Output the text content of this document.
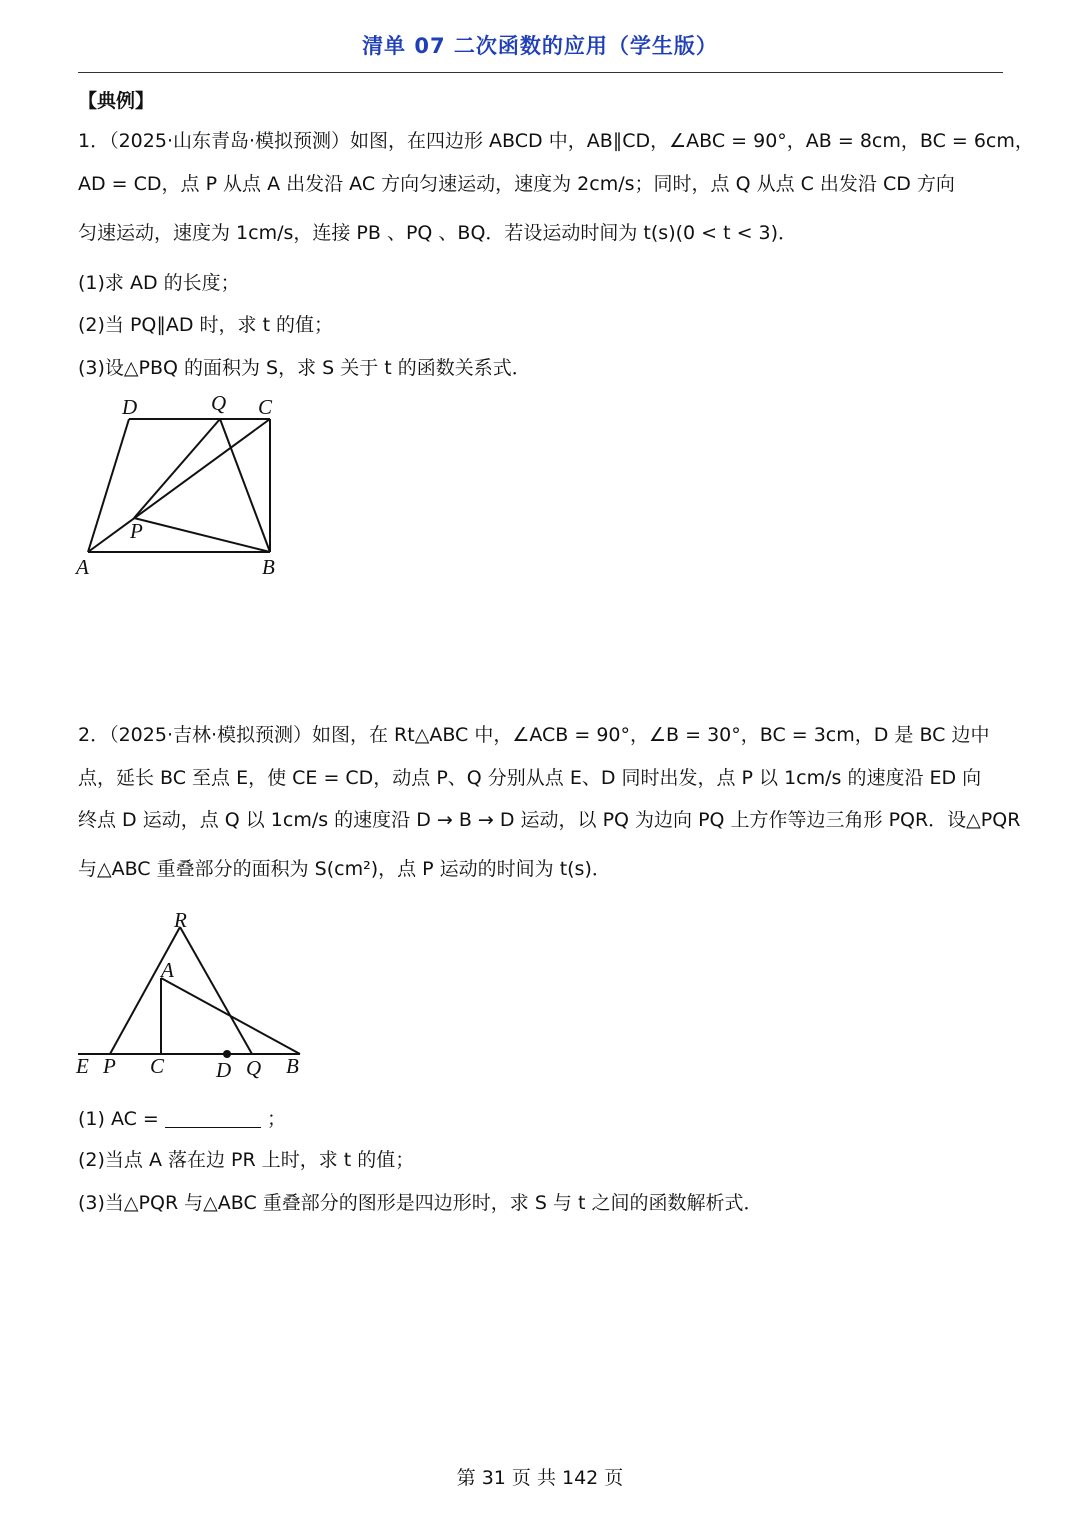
清单 07 二次函数的应用（学生版）
【典例】
1．（2025·山东青岛·模拟预测）如图，在四边形 ABCD 中，AB∥CD，∠ABC = 90°，AB = 8cm，BC = 6cm，
AD = CD，点 P 从点 A 出发沿 AC 方向匀速运动，速度为 2cm/s；同时，点 Q 从点 C 出发沿 CD 方向
匀速运动，速度为 1cm/s，连接 PB 、PQ 、BQ．若设运动时间为 t(s)(0 < t < 3)．
(1)求 AD 的长度；
(2)当 PQ∥AD 时，求 t 的值；
(3)设△PBQ 的面积为 S，求 S 关于 t 的函数关系式．
D	Q C
P
A	B
2．（2025·吉林·模拟预测）如图，在 Rt△ABC 中，∠ACB = 90°，∠B = 30°，BC = 3cm，D 是 BC 边中
点，延长 BC 至点 E，使 CE = CD，动点 P、Q 分别从点 E、D 同时出发，点 P 以 1cm/s 的速度沿 ED 向
终点 D 运动，点 Q 以 1cm/s 的速度沿 D → B → D 运动，以 PQ 为边向 PQ 上方作等边三角形 PQR．设△PQR
与△ABC 重叠部分的面积为 S(cm²)，点 P 运动的时间为 t(s)．
R
A
E P C D Q B
(1) AC =	；
(2)当点 A 落在边 PR 上时，求 t 的值；
(3)当△PQR 与△ABC 重叠部分的图形是四边形时，求 S 与 t 之间的函数解析式．
第 31 页 共 142 页
